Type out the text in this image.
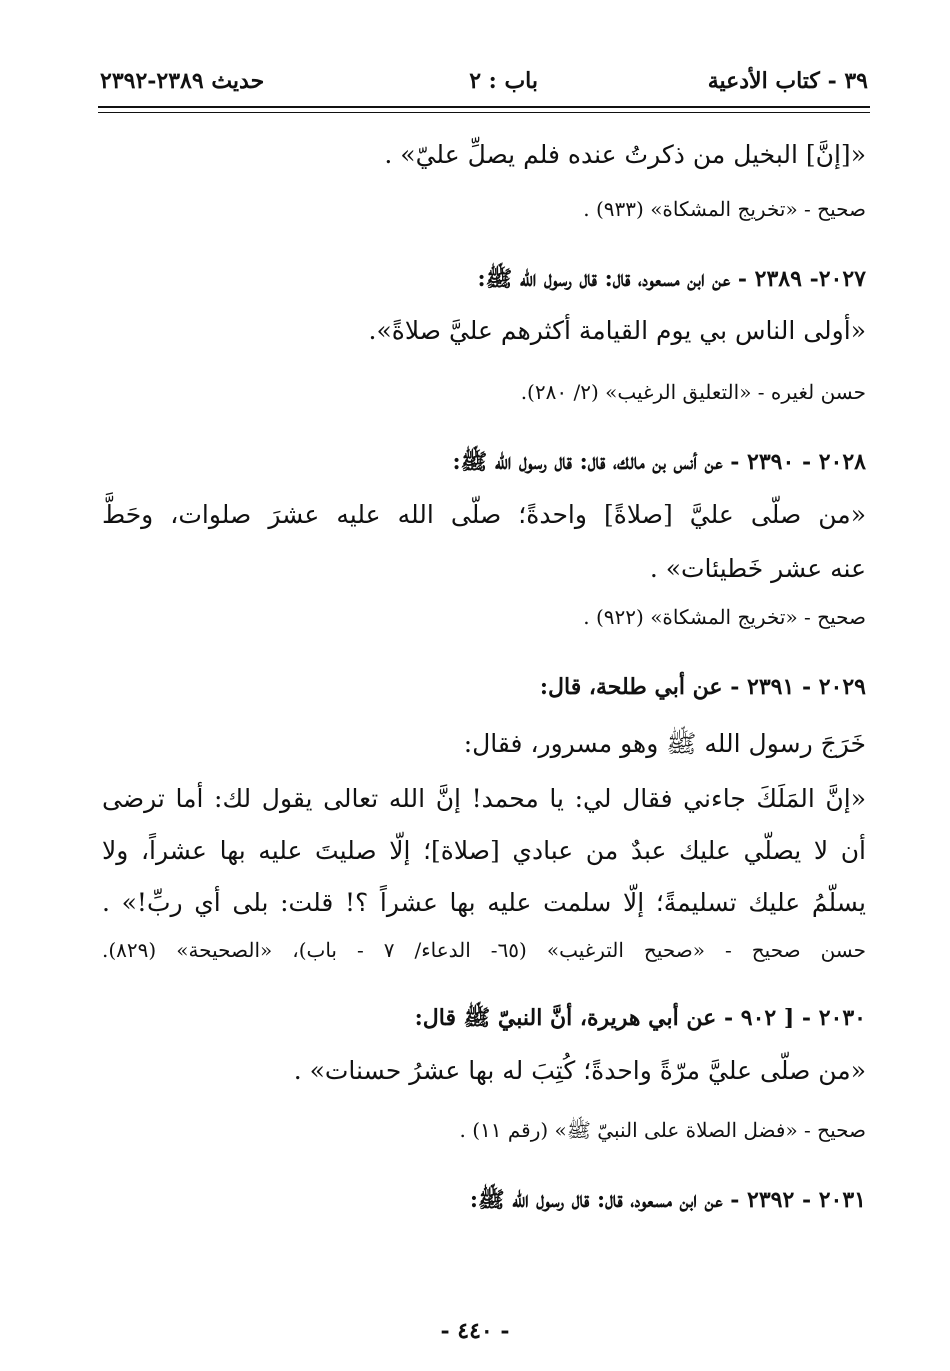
٣٩ - كتاب الأدعية
باب : ٢
حديث ٢٣٨٩-٢٣٩٢
«[إنَّ] البخيل من ذكرتُ عنده فلم يصلِّ عليّ» .
صحيح - «تخريج المشكاة» (٩٣٣) .
٢٠٢٧- ٢٣٨٩ - عن ابن مسعود، قال: قال رسول الله ﷺ:
«أولى الناس بي يوم القيامة أكثرهم عليَّ صلاةً».
حسن لغيره - «التعليق الرغيب» (٢/ ٢٨٠).
٢٠٢٨ - ٢٣٩٠ - عن أنس بن مالك، قال: قال رسول الله ﷺ:
«من صلّى عليَّ [صلاةً] واحدةً؛ صلّى الله عليه عشرَ صلوات، وحَطَّ
عنه عشر خَطيئات» .
صحيح - «تخريج المشكاة» (٩٢٢) .
٢٠٢٩ - ٢٣٩١ - عن أبي طلحة، قال:
خَرَجَ رسول الله ﷺ وهو مسرور، فقال:
«إنَّ المَلَكَ جاءني فقال لي: يا محمد! إنَّ الله تعالى يقول لك: أما ترضى
أن لا يصلّي عليك عبدٌ من عبادي [صلاة]؛ إلّا صليتَ عليه بها عشراً، ولا
يسلّمُ عليك تسليمةً؛ إلّا سلمت عليه بها عشراً ؟! قلت: بلى أي ربِّ!» .
حسن صحيح - «صحيح الترغيب» (٦٥- الدعاء/ ٧ - باب)، «الصحيحة» (٨٢٩).
٢٠٣٠ - [ ٩٠٢ - عن أبي هريرة، أنَّ النبيّ ﷺ قال:
«من صلّى عليَّ مرّةً واحدةً؛ كُتِبَ له بها عشرُ حسنات» .
صحيح - «فضل الصلاة على النبيّ ﷺ» (رقم ١١) .
٢٠٣١ - ٢٣٩٢ - عن ابن مسعود، قال: قال رسول الله ﷺ:
- ٤٤٠ -
